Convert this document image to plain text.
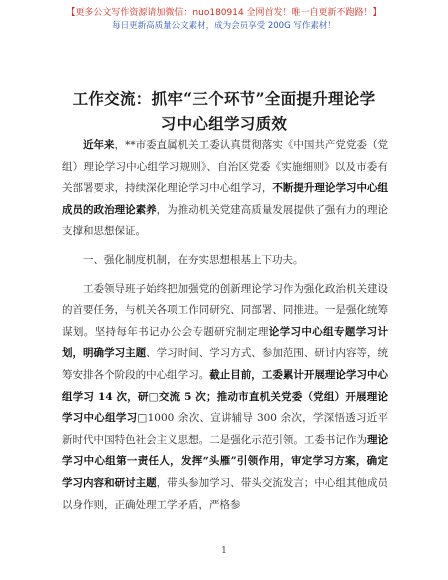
【更多公文写作资源请加微信：nuo180914 全网首发！唯一自更新不跑路！】
每日更新高质量公文素材，成为会员享受 200G 写作素材！
工作交流：抓牢“三个环节”全面提升理论学
习中心组学习质效

近年来，**市委直属机关工委认真贯彻落实《中国共产党党委（党组）理论学习中心组学习规则》、自治区党委《实施细则》以及市委有关部署要求，持续深化理论学习中心组学习，不断提升理论学习中心组成员的政治理论素养，为推动机关党建高质量发展提供了强有力的理论支撑和思想保证。

一、强化制度机制，在夯实思想根基上下功夫。

工委领导班子始终把加强党的创新理论学习作为强化政治机关建设的首要任务，与机关各项工作同研究、同部署、同推进。一是强化统筹谋划。坚持每年书记办公会专题研究制定理论学习中心组专题学习计划，明确学习主题、学习时间、学习方式、参加范围、研讨内容等，统筹安排各个阶段的中心组学习。截止目前，工委累计开展理论学习中心组学习 14 次，研□交流 5 次；推动市直机关党委（党组）开展理论学习中心组学习□1000 余次、宣讲辅导 300 余次，学深悟透习近平新时代中国特色社会主义思想。二是强化示范引领。工委书记作为理论学习中心组第一责任人，发挥“头雁”引领作用，审定学习方案，确定学习内容和研讨主题，带头参加学习、带头交流发言；中心组其他成员以身作则，正确处理工学矛盾，严格参

1
